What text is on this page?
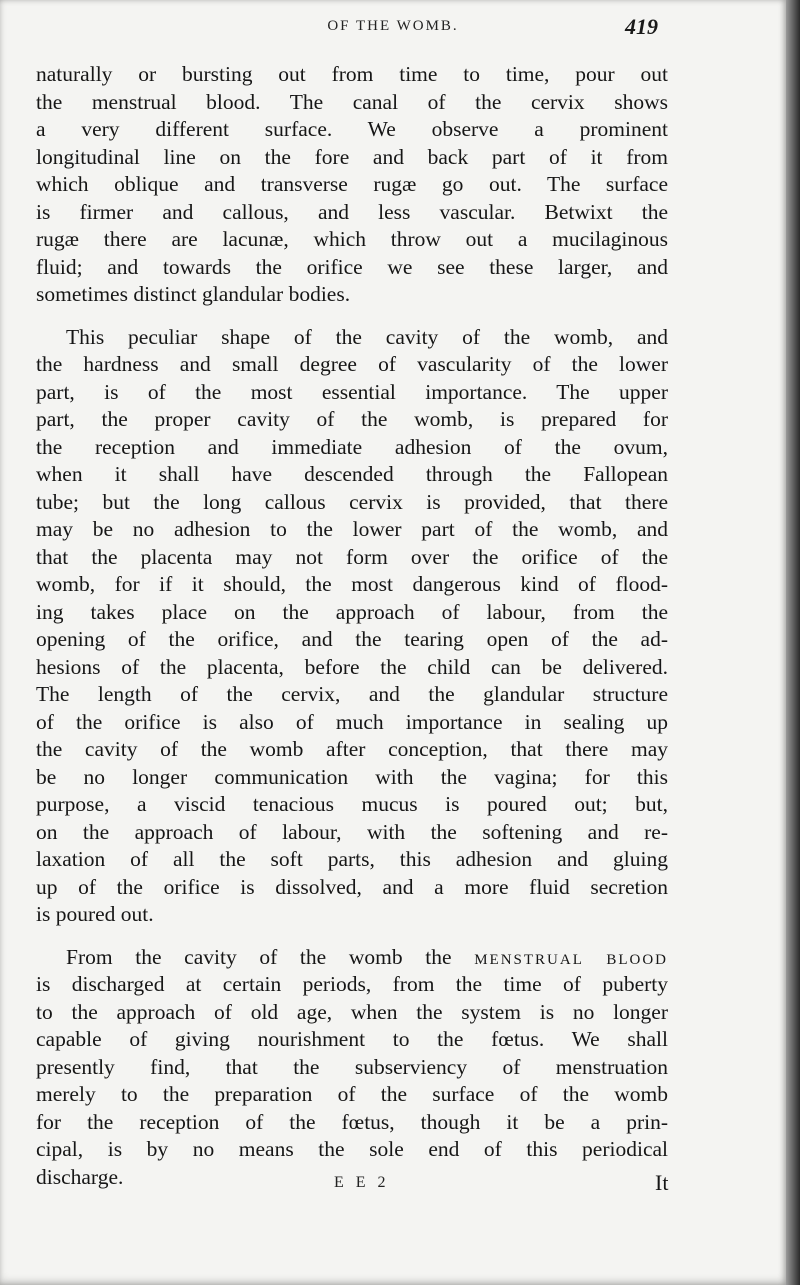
OF THE WOMB.	419
naturally or bursting out from time to time, pour out
the menstrual blood. The canal of the cervix shows
a very different surface. We observe a prominent
longitudinal line on the fore and back part of it from
which oblique and transverse rugæ go out. The surface
is firmer and callous, and less vascular. Betwixt the
rugæ there are lacunæ, which throw out a mucilaginous
fluid; and towards the orifice we see these larger, and
sometimes distinct glandular bodies.
This peculiar shape of the cavity of the womb, and
the hardness and small degree of vascularity of the lower
part, is of the most essential importance. The upper
part, the proper cavity of the womb, is prepared for
the reception and immediate adhesion of the ovum,
when it shall have descended through the Fallopean
tube; but the long callous cervix is provided, that there
may be no adhesion to the lower part of the womb, and
that the placenta may not form over the orifice of the
womb, for if it should, the most dangerous kind of flood-
ing takes place on the approach of labour, from the
opening of the orifice, and the tearing open of the ad-
hesions of the placenta, before the child can be delivered.
The length of the cervix, and the glandular structure
of the orifice is also of much importance in sealing up
the cavity of the womb after conception, that there may
be no longer communication with the vagina; for this
purpose, a viscid tenacious mucus is poured out; but,
on the approach of labour, with the softening and re-
laxation of all the soft parts, this adhesion and gluing
up of the orifice is dissolved, and a more fluid secretion
is poured out.
From the cavity of the womb the MENSTRUAL BLOOD
is discharged at certain periods, from the time of puberty
to the approach of old age, when the system is no longer
capable of giving nourishment to the fœtus. We shall
presently find, that the subserviency of menstruation
merely to the preparation of the surface of the womb
for the reception of the fœtus, though it be a prin-
cipal, is by no means the sole end of this periodical
discharge.	E E 2	It
